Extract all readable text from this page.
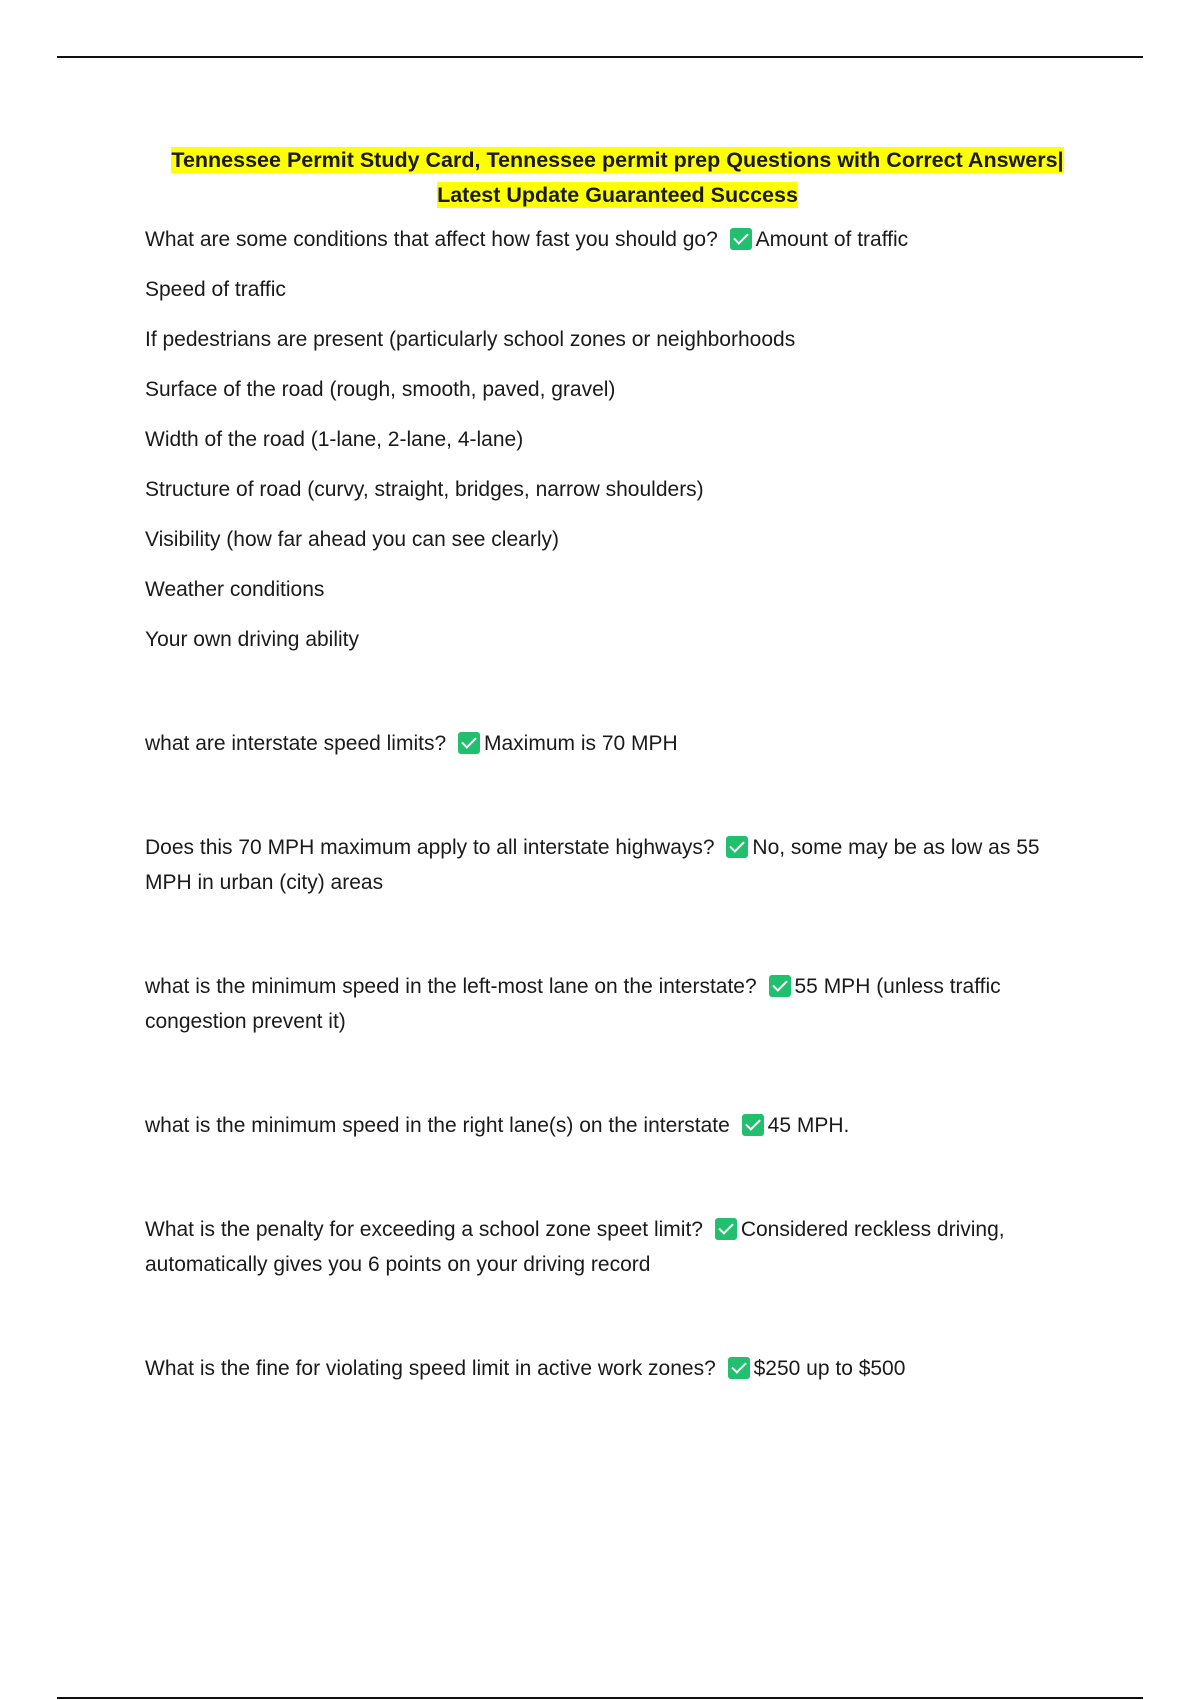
Tennessee Permit Study Card, Tennessee permit prep Questions with Correct Answers| Latest Update Guaranteed Success
What are some conditions that affect how fast you should go? Amount of traffic
Speed of traffic
If pedestrians are present (particularly school zones or neighborhoods
Surface of the road (rough, smooth, paved, gravel)
Width of the road (1-lane, 2-lane, 4-lane)
Structure of road (curvy, straight, bridges, narrow shoulders)
Visibility (how far ahead you can see clearly)
Weather conditions
Your own driving ability
what are interstate speed limits? Maximum is 70 MPH
Does this 70 MPH maximum apply to all interstate highways? No, some may be as low as 55 MPH in urban (city) areas
what is the minimum speed in the left-most lane on the interstate? 55 MPH (unless traffic congestion prevent it)
what is the minimum speed in the right lane(s) on the interstate 45 MPH.
What is the penalty for exceeding a school zone speet limit? Considered reckless driving, automatically gives you 6 points on your driving record
What is the fine for violating speed limit in active work zones? $250 up to $500
